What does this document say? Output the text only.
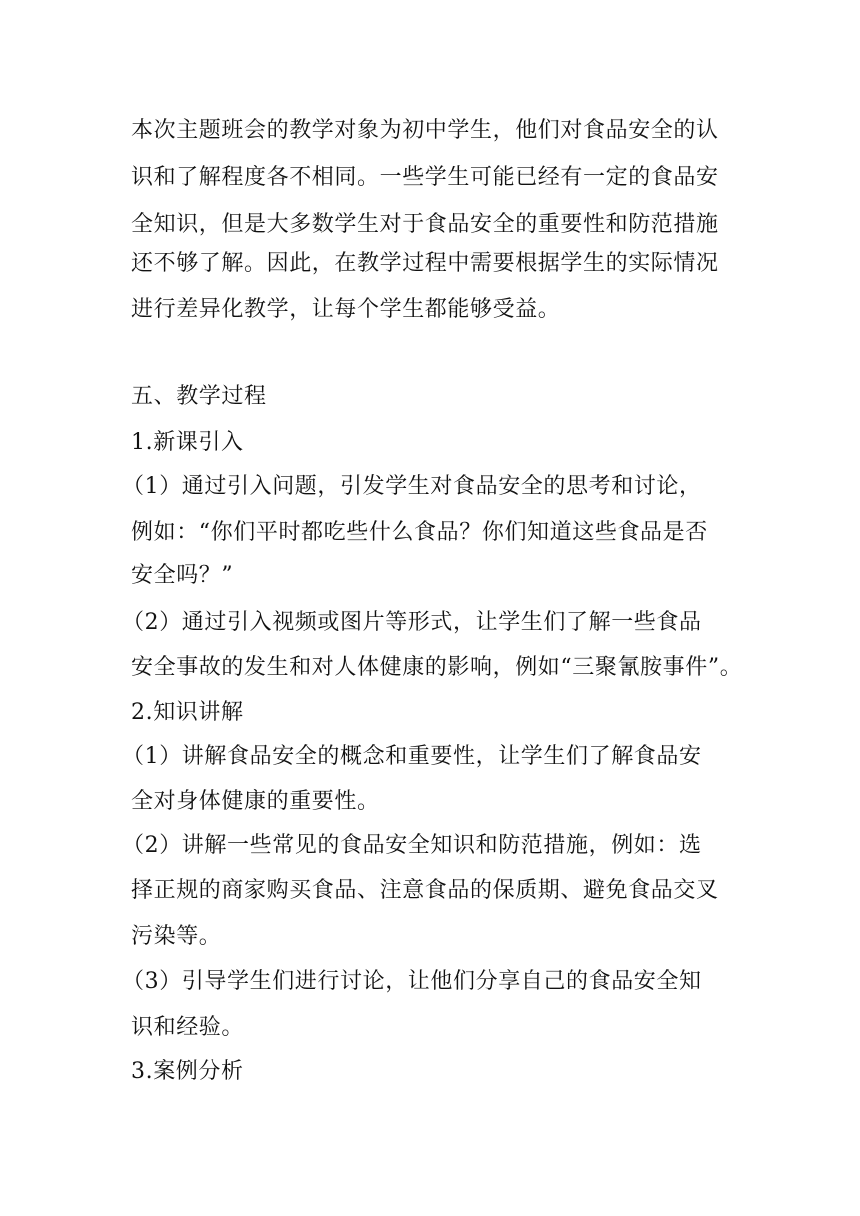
本次主题班会的教学对象为初中学生，他们对食品安全的认
识和了解程度各不相同。一些学生可能已经有一定的食品安
全知识，但是大多数学生对于食品安全的重要性和防范措施
还不够了解。因此，在教学过程中需要根据学生的实际情况
进行差异化教学，让每个学生都能够受益。
五、教学过程
1.新课引入
（1）通过引入问题，引发学生对食品安全的思考和讨论，
例如：“你们平时都吃些什么食品？你们知道这些食品是否
安全吗？”
（2）通过引入视频或图片等形式，让学生们了解一些食品
安全事故的发生和对人体健康的影响，例如“三聚氰胺事件”。
2.知识讲解
（1）讲解食品安全的概念和重要性，让学生们了解食品安
全对身体健康的重要性。
（2）讲解一些常见的食品安全知识和防范措施，例如：选
择正规的商家购买食品、注意食品的保质期、避免食品交叉
污染等。
（3）引导学生们进行讨论，让他们分享自己的食品安全知
识和经验。
3.案例分析
